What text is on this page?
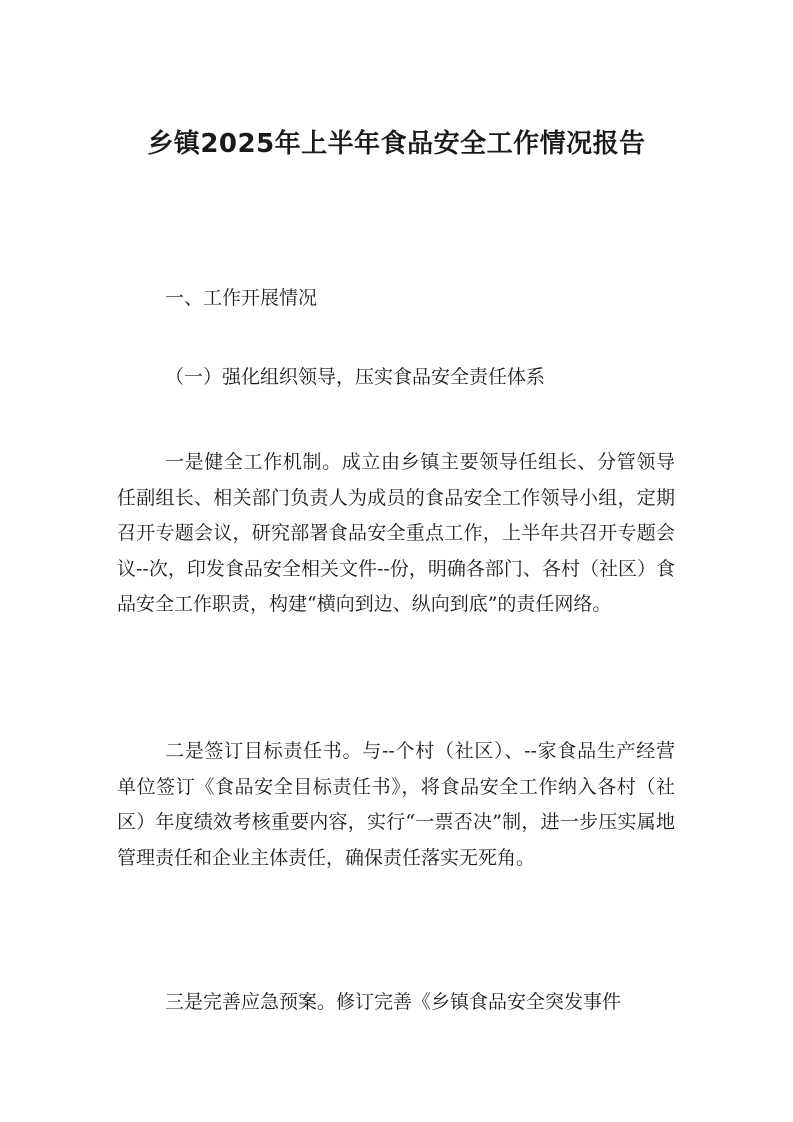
乡镇2025年上半年食品安全工作情况报告
一、工作开展情况
（一）强化组织领导，压实食品安全责任体系

一是健全工作机制。成立由乡镇主要领导任组长、分管领导任副组长、相关部门负责人为成员的食品安全工作领导小组，定期召开专题会议，研究部署食品安全重点工作，上半年共召开专题会议--次，印发食品安全相关文件--份，明确各部门、各村（社区）食品安全工作职责，构建“横向到边、纵向到底”的责任网络。

二是签订目标责任书。与--个村（社区）、--家食品生产经营单位签订《食品安全目标责任书》，将食品安全工作纳入各村（社区）年度绩效考核重要内容，实行“一票否决”制，进一步压实属地管理责任和企业主体责任，确保责任落实无死角。

三是完善应急预案。修订完善《乡镇食品安全突发事件
